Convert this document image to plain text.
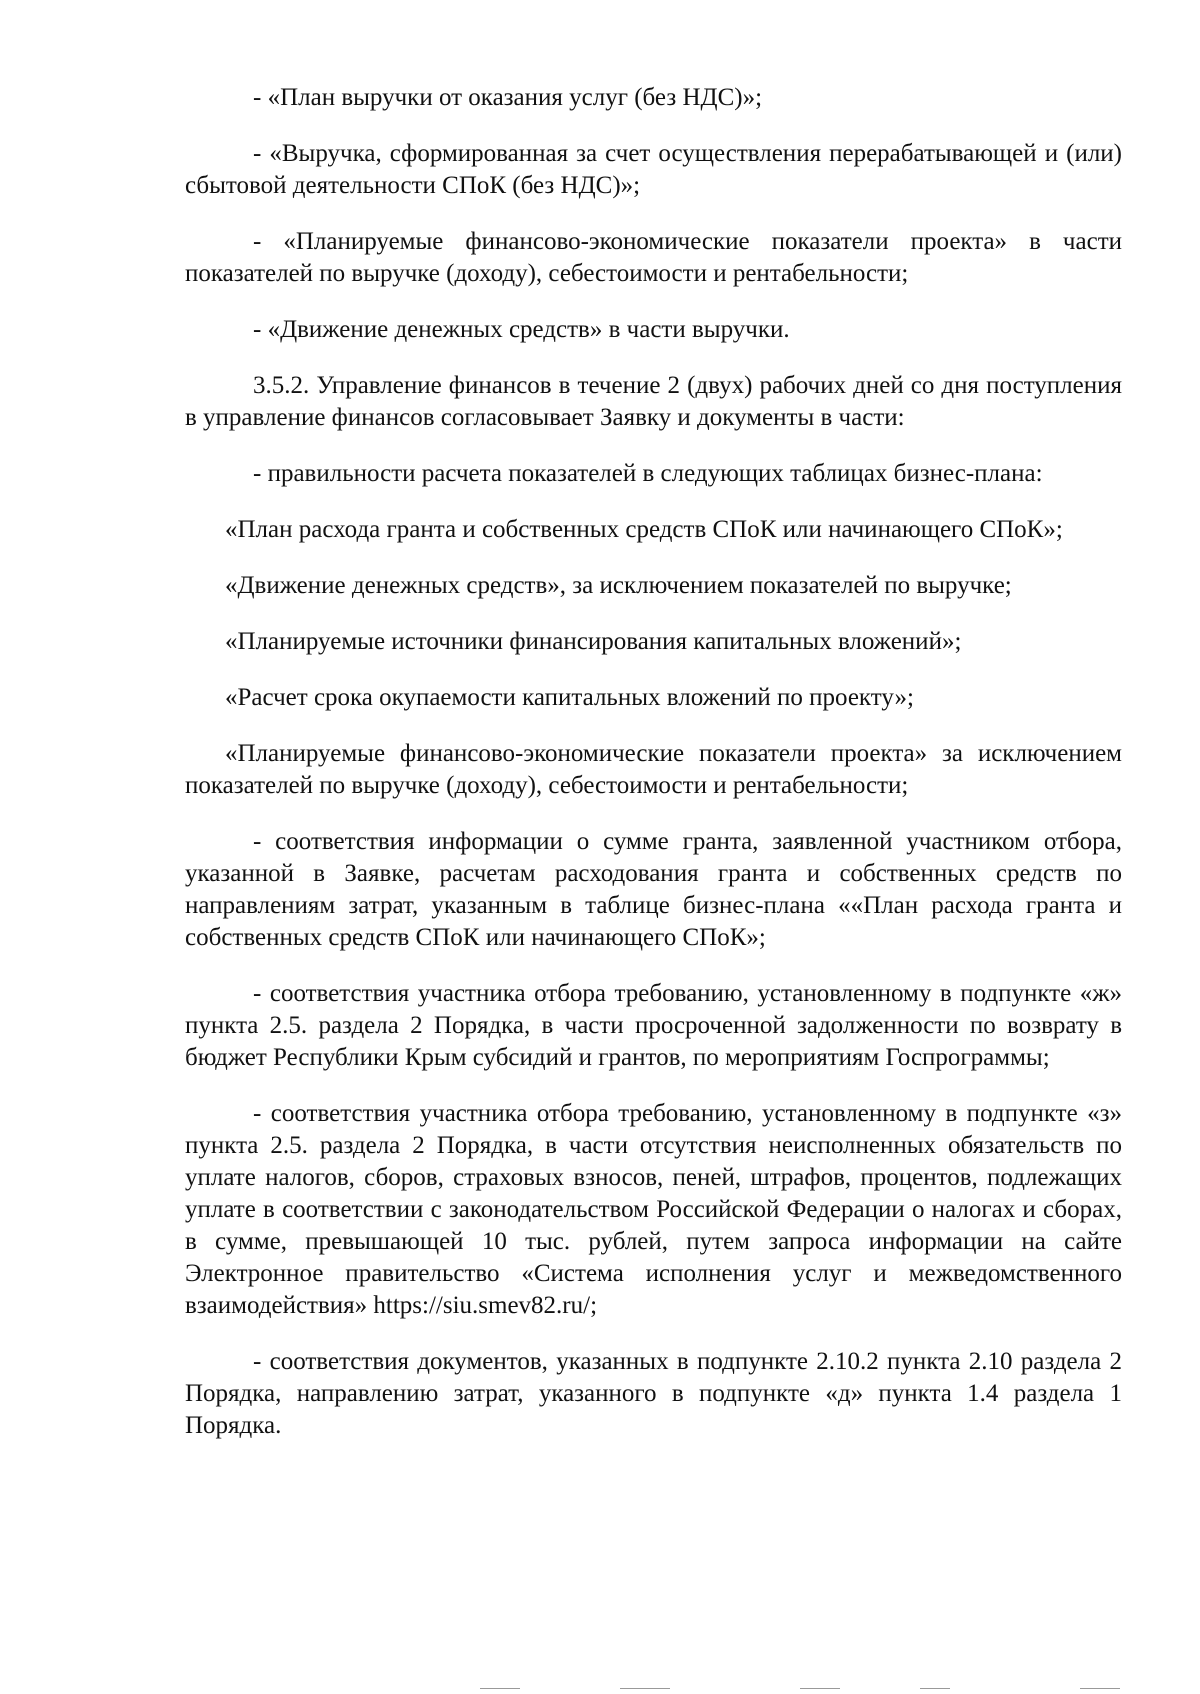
- «План выручки от оказания услуг (без НДС)»;

- «Выручка, сформированная за счет осуществления перерабатывающей и (или) сбытовой деятельности СПоК (без НДС)»;

- «Планируемые финансово-экономические показатели проекта» в части показателей по выручке (доходу), себестоимости и рентабельности;

- «Движение денежных средств» в части выручки.

3.5.2. Управление финансов в течение 2 (двух) рабочих дней со дня поступления в управление финансов согласовывает Заявку и документы в части:

- правильности расчета показателей в следующих таблицах бизнес-плана:

«План расхода гранта и собственных средств СПоК или начинающего СПоК»;

«Движение денежных средств», за исключением показателей по выручке;

«Планируемые источники финансирования капитальных вложений»;

«Расчет срока окупаемости капитальных вложений по проекту»;

«Планируемые финансово-экономические показатели проекта» за исключением показателей по выручке (доходу), себестоимости и рентабельности;

- соответствия информации о сумме гранта, заявленной участником отбора, указанной в Заявке, расчетам расходования гранта и собственных средств по направлениям затрат, указанным в таблице бизнес-плана ««План расхода гранта и собственных средств СПоК или начинающего СПоК»;

- соответствия участника отбора требованию, установленному в подпункте «ж» пункта 2.5. раздела 2 Порядка, в части просроченной задолженности по возврату в бюджет Республики Крым субсидий и грантов, по мероприятиям Госпрограммы;

- соответствия участника отбора требованию, установленному в подпункте «з» пункта 2.5. раздела 2 Порядка, в части отсутствия неисполненных обязательств по уплате налогов, сборов, страховых взносов, пеней, штрафов, процентов, подлежащих уплате в соответствии с законодательством Российской Федерации о налогах и сборах, в сумме, превышающей 10 тыс. рублей, путем запроса информации на сайте Электронное правительство «Система исполнения услуг и межведомственного взаимодействия» https://siu.smev82.ru/;

- соответствия документов, указанных в подпункте 2.10.2 пункта 2.10 раздела 2 Порядка, направлению затрат, указанного в подпункте «д» пункта 1.4 раздела 1 Порядка.
